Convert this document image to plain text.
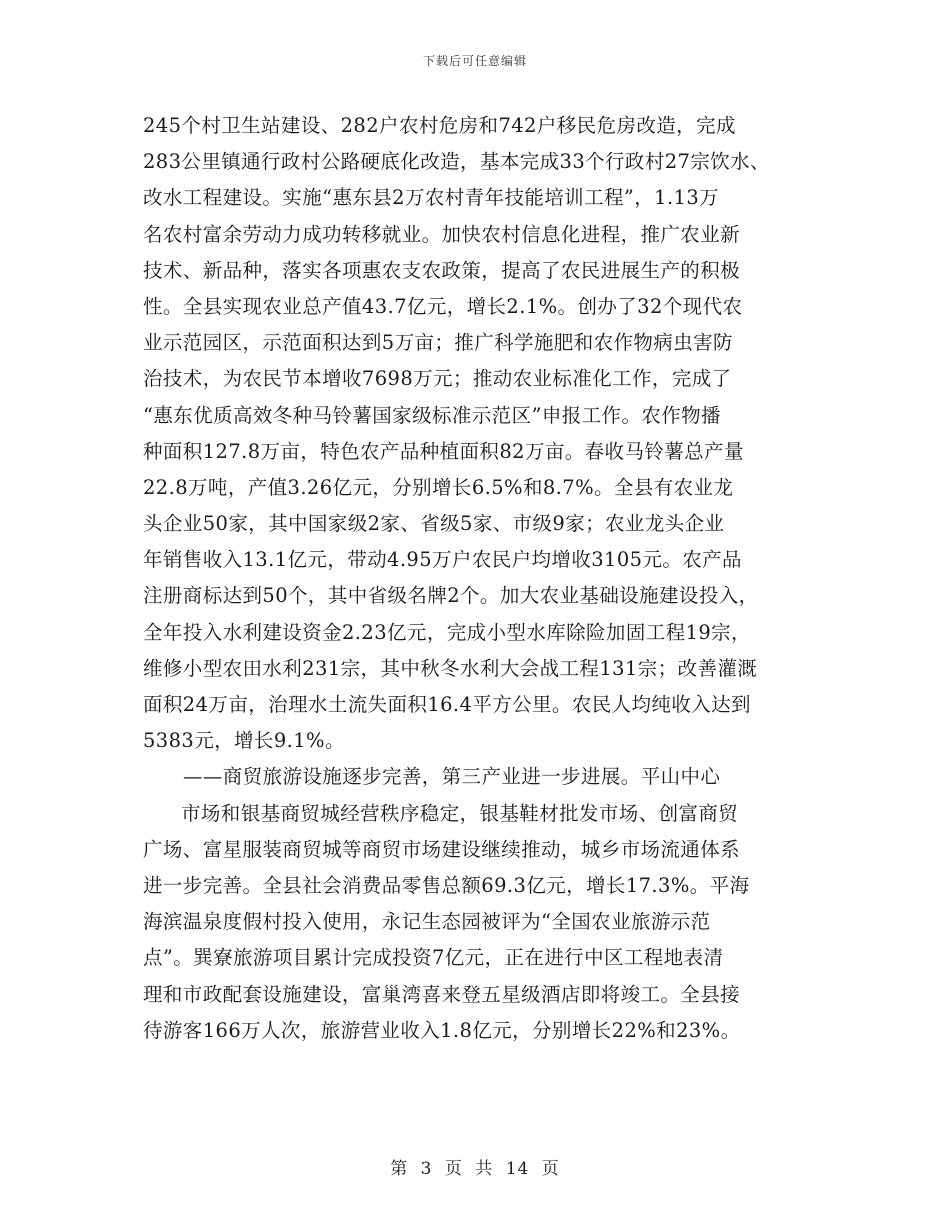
下载后可任意编辑
245个村卫生站建设、282户农村危房和742户移民危房改造，完成
283公里镇通行政村公路硬底化改造，基本完成33个行政村27宗饮水、
改水工程建设。实施“惠东县2万农村青年技能培训工程”，1.13万
名农村富余劳动力成功转移就业。加快农村信息化进程，推广农业新
技术、新品种，落实各项惠农支农政策，提高了农民进展生产的积极
性。全县实现农业总产值43.7亿元，增长2.1%。创办了32个现代农
业示范园区，示范面积达到5万亩；推广科学施肥和农作物病虫害防
治技术，为农民节本增收7698万元；推动农业标准化工作，完成了
“惠东优质高效冬种马铃薯国家级标准示范区”申报工作。农作物播
种面积127.8万亩，特色农产品种植面积82万亩。春收马铃薯总产量
22.8万吨，产值3.26亿元，分别增长6.5%和8.7%。全县有农业龙
头企业50家，其中国家级2家、省级5家、市级9家；农业龙头企业
年销售收入13.1亿元，带动4.95万户农民户均增收3105元。农产品
注册商标达到50个，其中省级名牌2个。加大农业基础设施建设投入，
全年投入水利建设资金2.23亿元，完成小型水库除险加固工程19宗，
维修小型农田水利231宗，其中秋冬水利大会战工程131宗；改善灌溉
面积24万亩，治理水土流失面积16.4平方公里。农民人均纯收入达到
5383元，增长9.1%。
——商贸旅游设施逐步完善，第三产业进一步进展。平山中心
市场和银基商贸城经营秩序稳定，银基鞋材批发市场、创富商贸
广场、富星服装商贸城等商贸市场建设继续推动，城乡市场流通体系
进一步完善。全县社会消费品零售总额69.3亿元，增长17.3%。平海
海滨温泉度假村投入使用，永记生态园被评为“全国农业旅游示范
点”。巽寮旅游项目累计完成投资7亿元，正在进行中区工程地表清
理和市政配套设施建设，富巢湾喜来登五星级酒店即将竣工。全县接
待游客166万人次，旅游营业收入1.8亿元，分别增长22%和23%。
第 3 页 共 14 页
